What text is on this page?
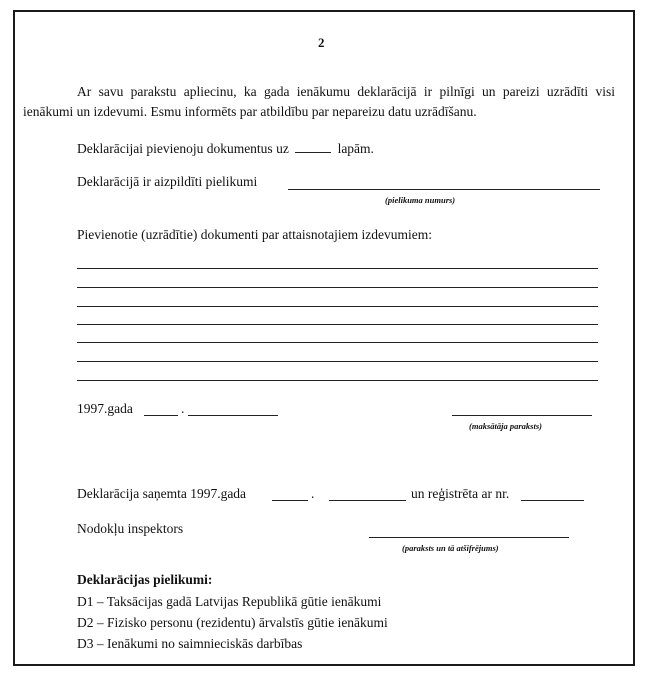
2
Ar savu parakstu apliecinu, ka gada ienākumu deklarācijā ir pilnīgi un pareizi uzrādīti visi ienākumi un izdevumi. Esmu informēts par atbildību par nepareizu datu uzrādīšanu.
Deklarācijai pievienoju dokumentus uz	lapām.
Deklarācijā ir aizpildīti pielikumi
(pielikuma numurs)
Pievienotie (uzrādītie) dokumenti par attaisnotajiem izdevumiem:
1997.gada	.
(maksātāja paraksts)
Deklarācija saņemta 1997.gada	.	un reģistrēta ar nr.
Nodokļu inspektors
(paraksts un tā atšifrējums)
Deklarācijas pielikumi:
D1 – Taksācijas gadā Latvijas Republikā gūtie ienākumi
D2 – Fizisko personu (rezidentu) ārvalstīs gūtie ienākumi
D3 – Ienākumi no saimnieciskās darbības
